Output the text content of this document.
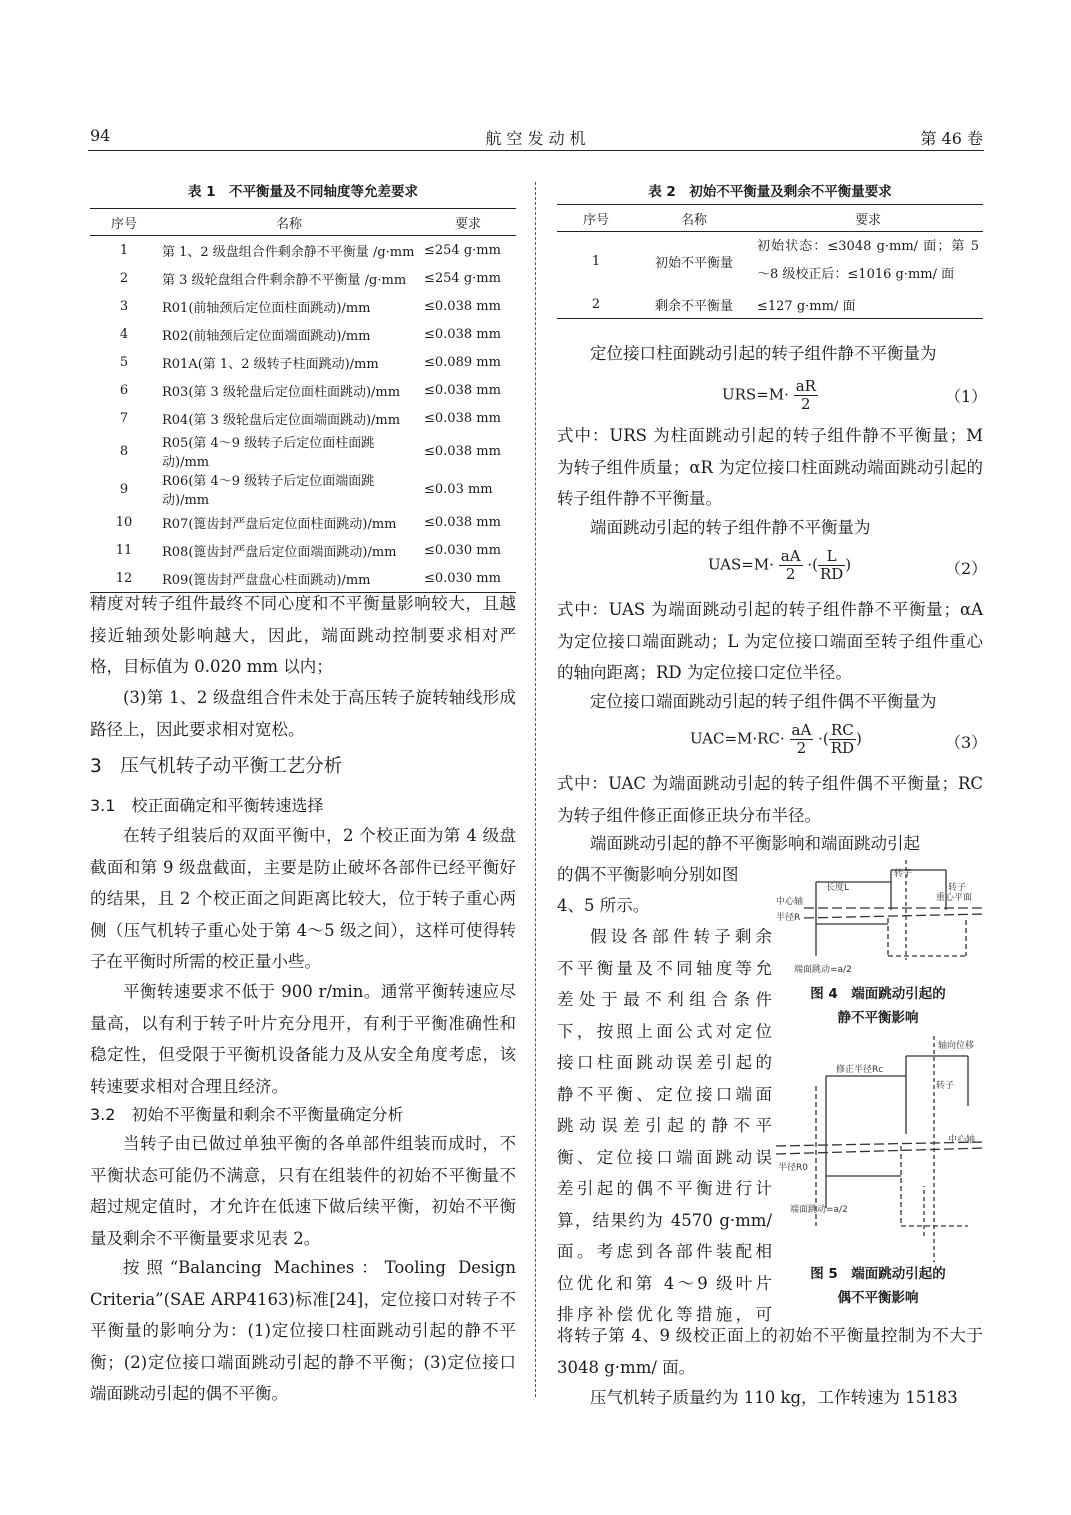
94	航 空 发 动 机	第 46 卷
表 1　不平衡量及不同轴度等允差要求
序号	名称	要求
1	第 1、2 级盘组合件剩余静不平衡量 /g·mm	≤254 g·mm
2	第 3 级轮盘组合件剩余静不平衡量 /g·mm	≤254 g·mm
3	R01(前轴颈后定位面柱面跳动)/mm	≤0.038 mm
4	R02(前轴颈后定位面端面跳动)/mm	≤0.038 mm
5	R01A(第 1、2 级转子柱面跳动)/mm	≤0.089 mm
6	R03(第 3 级轮盘后定位面柱面跳动)/mm	≤0.038 mm
7	R04(第 3 级轮盘后定位面端面跳动)/mm	≤0.038 mm
8	R05(第 4～9 级转子后定位面柱面跳动)/mm	≤0.038 mm
9	R06(第 4～9 级转子后定位面端面跳动)/mm	≤0.03 mm
10	R07(篦齿封严盘后定位面柱面跳动)/mm	≤0.038 mm
11	R08(篦齿封严盘后定位面端面跳动)/mm	≤0.030 mm
12	R09(篦齿封严盘盘心柱面跳动)/mm	≤0.030 mm
精度对转子组件最终不同心度和不平衡量影响较大，且越接近轴颈处影响越大，因此，端面跳动控制要求相对严格，目标值为 0.020 mm 以内；
(3)第 1、2 级盘组合件未处于高压转子旋转轴线形成路径上，因此要求相对宽松。
3　压气机转子动平衡工艺分析
3.1　校正面确定和平衡转速选择
在转子组装后的双面平衡中，2 个校正面为第 4 级盘截面和第 9 级盘截面，主要是防止破坏各部件已经平衡好的结果，且 2 个校正面之间距离比较大，位于转子重心两侧（压气机转子重心处于第 4～5 级之间），这样可使得转子在平衡时所需的校正量小些。
平衡转速要求不低于 900 r/min。通常平衡转速应尽量高，以有利于转子叶片充分甩开，有利于平衡准确性和稳定性，但受限于平衡机设备能力及从安全角度考虑，该转速要求相对合理且经济。
3.2　初始不平衡量和剩余不平衡量确定分析
当转子由已做过单独平衡的各单部件组装而成时，不平衡状态可能仍不满意，只有在组装件的初始不平衡量不超过规定值时，才允许在低速下做后续平衡，初始不平衡量及剩余不平衡量要求见表 2。
按照“Balancing Machines：Tooling Design Criteria”(SAE ARP4163)标准[24]，定位接口对转子不平衡量的影响分为：(1)定位接口柱面跳动引起的静不平衡；(2)定位接口端面跳动引起的静不平衡；(3)定位接口端面跳动引起的偶不平衡。
表 2　初始不平衡量及剩余不平衡量要求
序号	名称	要求
1	初始不平衡量	初始状态：≤3048 g·mm/ 面；第 5～8 级校正后：≤1016 g·mm/ 面
2	剩余不平衡量	≤127 g·mm/ 面
定位接口柱面跳动引起的转子组件静不平衡量为
$URS=M\cdot \frac{aR}{2}$	（1）
式中：URS 为柱面跳动引起的转子组件静不平衡量；M 为转子组件质量；αR 为定位接口柱面跳动端面跳动引起的转子组件静不平衡量。
端面跳动引起的转子组件静不平衡量为
$UAS=M\cdot \frac{aA}{2}$ ·( $\frac{L}{RD}$ )	（2）
式中：UAS 为端面跳动引起的转子组件静不平衡量；αA 为定位接口端面跳动；L 为定位接口端面至转子组件重心的轴向距离；RD 为定位接口定位半径。
定位接口端面跳动引起的转子组件偶不平衡量为
$UAC=M\cdot RC\cdot \frac{aA}{2}$ ·( $\frac{RC}{RD}$ )	（3）
式中：UAC 为端面跳动引起的转子组件偶不平衡量；RC 为转子组件修正面修正块分布半径。
端面跳动引起的静不平衡影响和端面跳动引起
的偶不平衡影响分别如图
4、5 所示。
假设各部件转子剩余
不平衡量及不同轴度等允
差处于最不利组合条件
下，按照上面公式对定位
接口柱面跳动误差引起的
静不平衡、定位接口端面
跳动误差引起的静不平
衡、定位接口端面跳动误
差引起的偶不平衡进行计
算，结果约为 4570 g·mm/
面。考虑到各部件装配相
位优化和第 4～9 级叶片
排序补偿优化等措施，可
将转子第 4、9 级校正面上的初始不平衡量控制为不大于 3048 g·mm/ 面。
压气机转子质量约为 110 kg，工作转速为 15183
转子
长度L
中心轴
半径R
转子
重心平面
端面跳动=a/2
图 4　端面跳动引起的
静不平衡影响
轴向位移
修正半径Rc
转子
中心轴
半径R0
端面跳动=a/2
图 5　端面跳动引起的
偶不平衡影响
